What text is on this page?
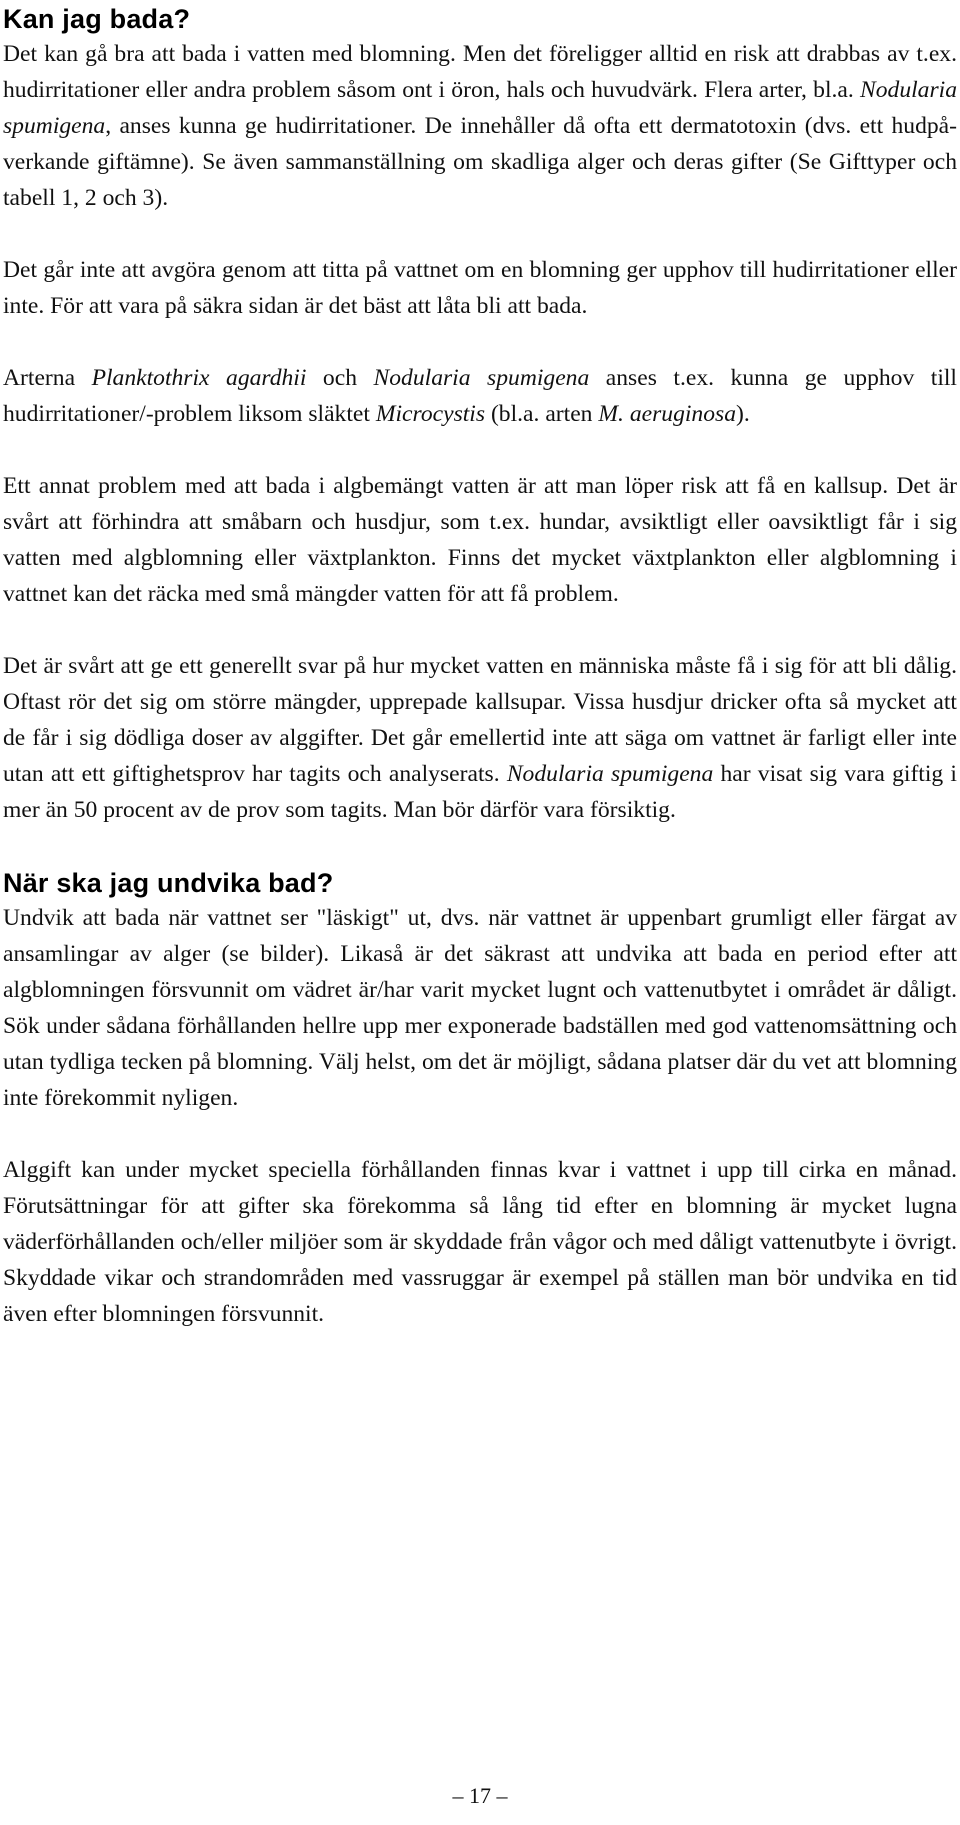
Kan jag bada?

Det kan gå bra att bada i vatten med blomning. Men det föreligger alltid en risk att drabbas av t.ex. hudirritationer eller andra problem såsom ont i öron, hals och huvudvärk. Flera arter, bl.a. Nodularia spumigena, anses kunna ge hudirritationer. De innehåller då ofta ett dermatotoxin (dvs. ett hudpåverkande giftämne). Se även sammanställning om skadliga alger och deras gifter (Se Gifttyper och tabell 1, 2 och 3).

Det går inte att avgöra genom att titta på vattnet om en blomning ger upphov till hudirritationer eller inte. För att vara på säkra sidan är det bäst att låta bli att bada.

Arterna Planktothrix agardhii och Nodularia spumigena anses t.ex. kunna ge upphov till hudirritationer/-problem liksom släktet Microcystis (bl.a. arten M. aeruginosa).

Ett annat problem med att bada i algbemängt vatten är att man löper risk att få en kallsup. Det är svårt att förhindra att småbarn och husdjur, som t.ex. hundar, avsiktligt eller oavsiktligt får i sig vatten med algblomning eller växtplankton. Finns det mycket växtplankton eller algblomning i vattnet kan det räcka med små mängder vatten för att få problem.

Det är svårt att ge ett generellt svar på hur mycket vatten en människa måste få i sig för att bli dålig. Oftast rör det sig om större mängder, upprepade kallsupar. Vissa husdjur dricker ofta så mycket att de får i sig dödliga doser av alggifter. Det går emellertid inte att säga om vattnet är farligt eller inte utan att ett giftighetsprov har tagits och analyserats. Nodularia spumigena har visat sig vara giftig i mer än 50 procent av de prov som tagits. Man bör därför vara försiktig.

När ska jag undvika bad?

Undvik att bada när vattnet ser "läskigt" ut, dvs. när vattnet är uppenbart grumligt eller färgat av ansamlingar av alger (se bilder). Likaså är det säkrast att undvika att bada en period efter att algblomningen försvunnit om vädret är/har varit mycket lugnt och vattenutbytet i området är dåligt. Sök under sådana förhållanden hellre upp mer exponerade badställen med god vattenomsättning och utan tydliga tecken på blomning. Välj helst, om det är möjligt, sådana platser där du vet att blomning inte förekommit nyligen.

Alggift kan under mycket speciella förhållanden finnas kvar i vattnet i upp till cirka en månad. Förutsättningar för att gifter ska förekomma så lång tid efter en blomning är mycket lugna väderförhållanden och/eller miljöer som är skyddade från vågor och med dåligt vattenutbyte i övrigt. Skyddade vikar och strandområden med vassruggar är exempel på ställen man bör undvika en tid även efter blomningen försvunnit.

– 17 –
